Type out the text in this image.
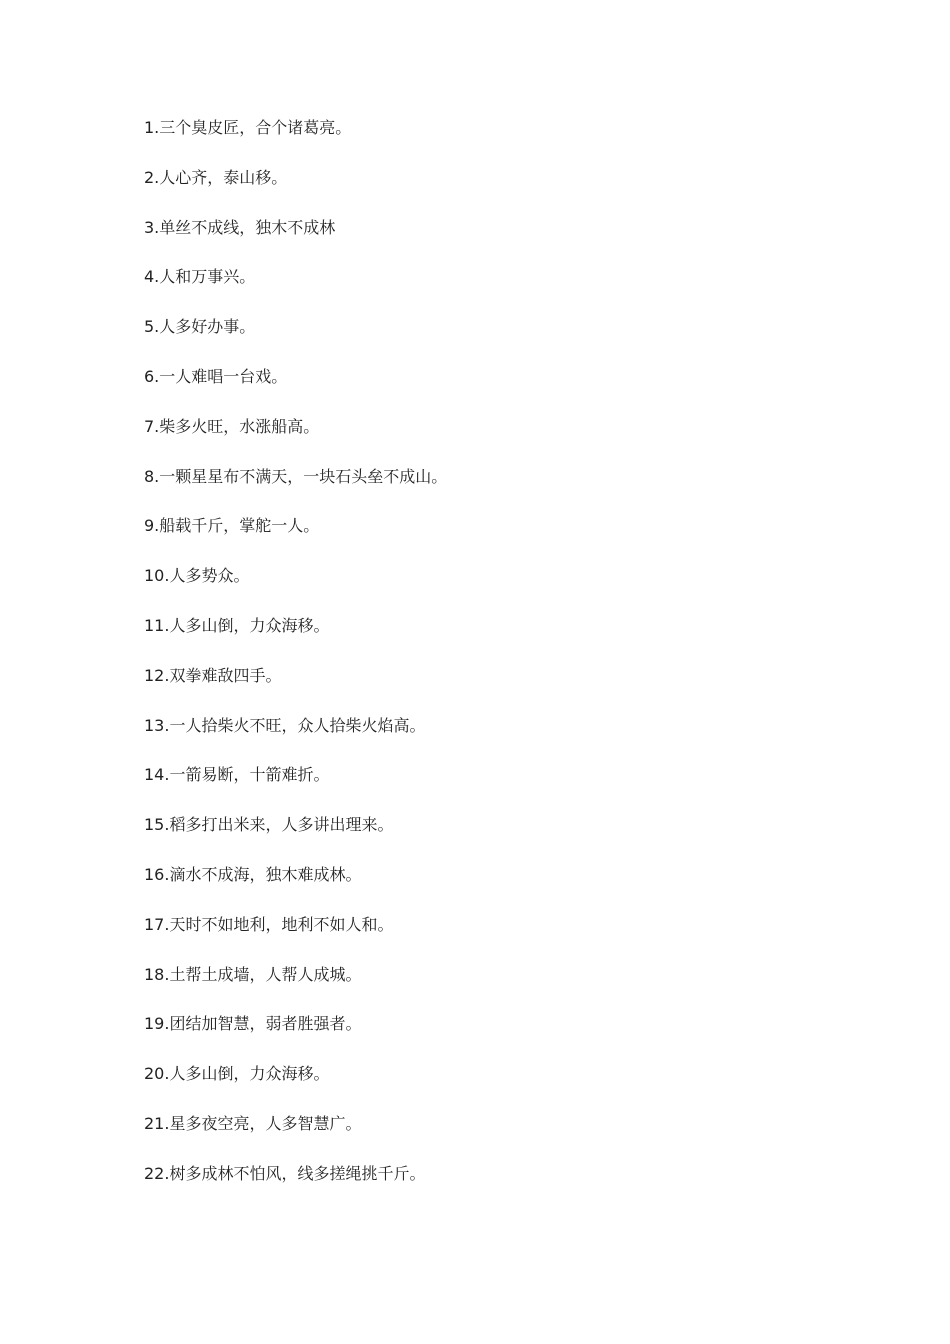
1.三个臭皮匠，合个诸葛亮。
2.人心齐，泰山移。
3.单丝不成线，独木不成林
4.人和万事兴。
5.人多好办事。
6.一人难唱一台戏。
7.柴多火旺，水涨船高。
8.一颗星星布不满天，一块石头垒不成山。
9.船载千斤，掌舵一人。
10.人多势众。
11.人多山倒，力众海移。
12.双拳难敌四手。
13.一人拾柴火不旺，众人拾柴火焰高。
14.一箭易断，十箭难折。
15.稻多打出米来，人多讲出理来。
16.滴水不成海，独木难成林。
17.天时不如地利，地利不如人和。
18.土帮土成墙，人帮人成城。
19.团结加智慧，弱者胜强者。
20.人多山倒，力众海移。
21.星多夜空亮，人多智慧广。
22.树多成林不怕风，线多搓绳挑千斤。
